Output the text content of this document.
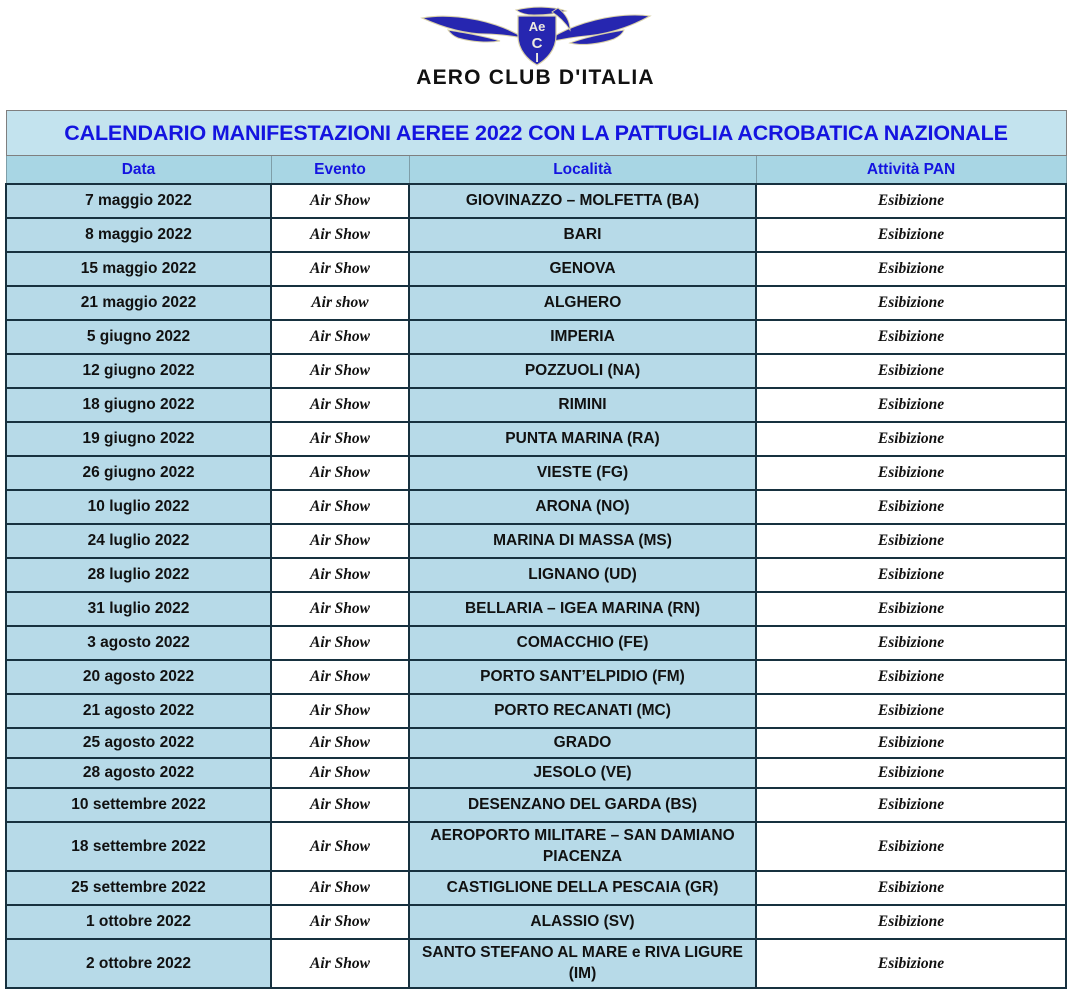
Ae
C
I
AERO CLUB D'ITALIA
CALENDARIO MANIFESTAZIONI AEREE 2022 CON LA PATTUGLIA ACROBATICA NAZIONALE			

Data	Evento	Località	Attività PAN

7 maggio 2022	Air Show	GIOVINAZZO – MOLFETTA (BA)	Esibizione

8 maggio 2022	Air Show	BARI	Esibizione

15 maggio 2022	Air Show	GENOVA	Esibizione

21 maggio 2022	Air show	ALGHERO	Esibizione

5 giugno 2022	Air Show	IMPERIA	Esibizione

12 giugno 2022	Air Show	POZZUOLI (NA)	Esibizione

18 giugno 2022	Air Show	RIMINI	Esibizione

19 giugno 2022	Air Show	PUNTA MARINA (RA)	Esibizione

26 giugno 2022	Air Show	VIESTE (FG)	Esibizione

10 luglio 2022	Air Show	ARONA (NO)	Esibizione

24 luglio 2022	Air Show	MARINA DI MASSA (MS)	Esibizione

28 luglio 2022	Air Show	LIGNANO (UD)	Esibizione

31 luglio 2022	Air Show	BELLARIA – IGEA MARINA (RN)	Esibizione

3 agosto 2022	Air Show	COMACCHIO (FE)	Esibizione

20 agosto 2022	Air Show	PORTO SANT’ELPIDIO (FM)	Esibizione

21 agosto 2022	Air Show	PORTO RECANATI (MC)	Esibizione

25 agosto 2022	Air Show	GRADO	Esibizione

28 agosto 2022	Air Show	JESOLO (VE)	Esibizione

10 settembre 2022	Air Show	DESENZANO DEL GARDA (BS)	Esibizione

18 settembre 2022	Air Show	AEROPORTO MILITARE – SAN DAMIANO PIACENZA	Esibizione

25 settembre 2022	Air Show	CASTIGLIONE DELLA PESCAIA (GR)	Esibizione

1 ottobre 2022	Air Show	ALASSIO (SV)	Esibizione

2 ottobre 2022	Air Show	SANTO STEFANO AL MARE e RIVA LIGURE (IM)	Esibizione
